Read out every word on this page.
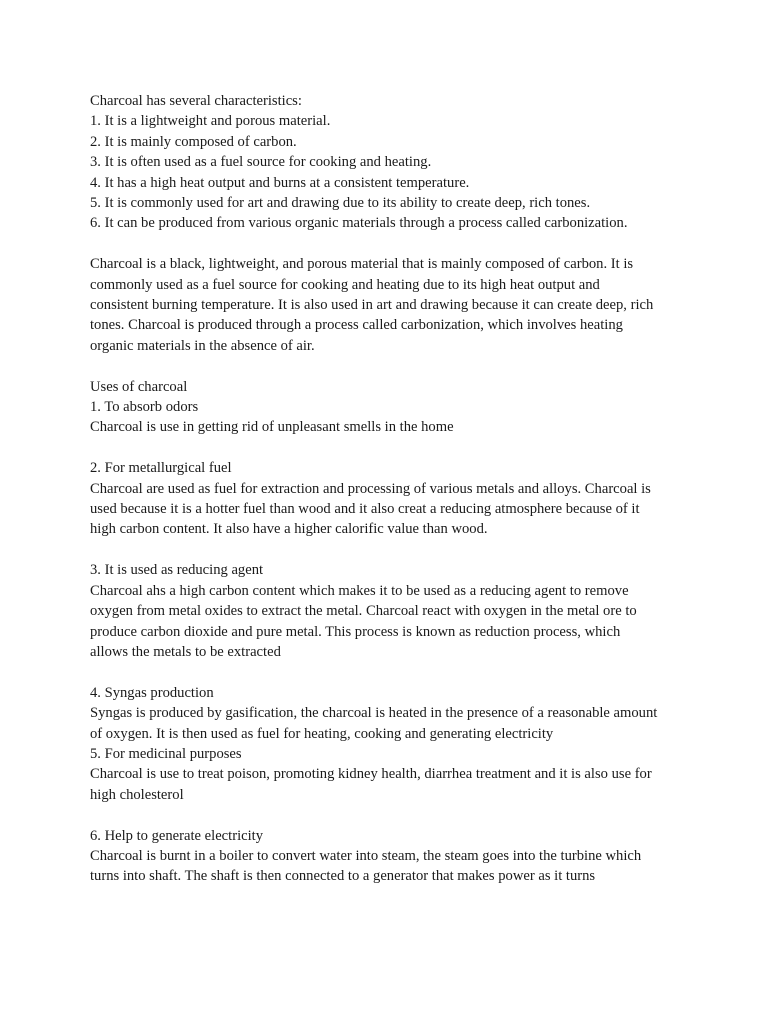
Charcoal has several characteristics:
1. It is a lightweight and porous material.
2. It is mainly composed of carbon.
3. It is often used as a fuel source for cooking and heating.
4. It has a high heat output and burns at a consistent temperature.
5. It is commonly used for art and drawing due to its ability to create deep, rich tones.
6. It can be produced from various organic materials through a process called carbonization.
Charcoal is a black, lightweight, and porous material that is mainly composed of carbon. It is
commonly used as a fuel source for cooking and heating due to its high heat output and
consistent burning temperature. It is also used in art and drawing because it can create deep, rich
tones. Charcoal is produced through a process called carbonization, which involves heating
organic materials in the absence of air.
Uses of charcoal
1. To absorb odors
Charcoal is use in getting rid of unpleasant smells in the home
2. For metallurgical fuel
Charcoal are used as fuel for extraction and processing of various metals and alloys. Charcoal is
used because it is a hotter fuel than wood and it also creat a reducing atmosphere because of it
high carbon content. It also have a higher calorific value than wood.
3. It is used as reducing agent
Charcoal ahs a high carbon content which makes it to be used as a reducing agent to remove
oxygen from metal oxides to extract the metal. Charcoal react with oxygen in the metal ore to
produce carbon dioxide and pure metal. This process is known as reduction process, which
allows the metals to be extracted
4. Syngas production
Syngas is produced by gasification, the charcoal is heated in the presence of a reasonable amount
of oxygen. It is then used as fuel for heating, cooking and generating electricity
5. For medicinal purposes
Charcoal is use to treat poison, promoting kidney health, diarrhea treatment and it is also use for
high cholesterol
6. Help to generate electricity
Charcoal is burnt in a boiler to convert water into steam, the steam goes into the turbine which
turns into shaft. The shaft is then connected to a generator that makes power as it turns
